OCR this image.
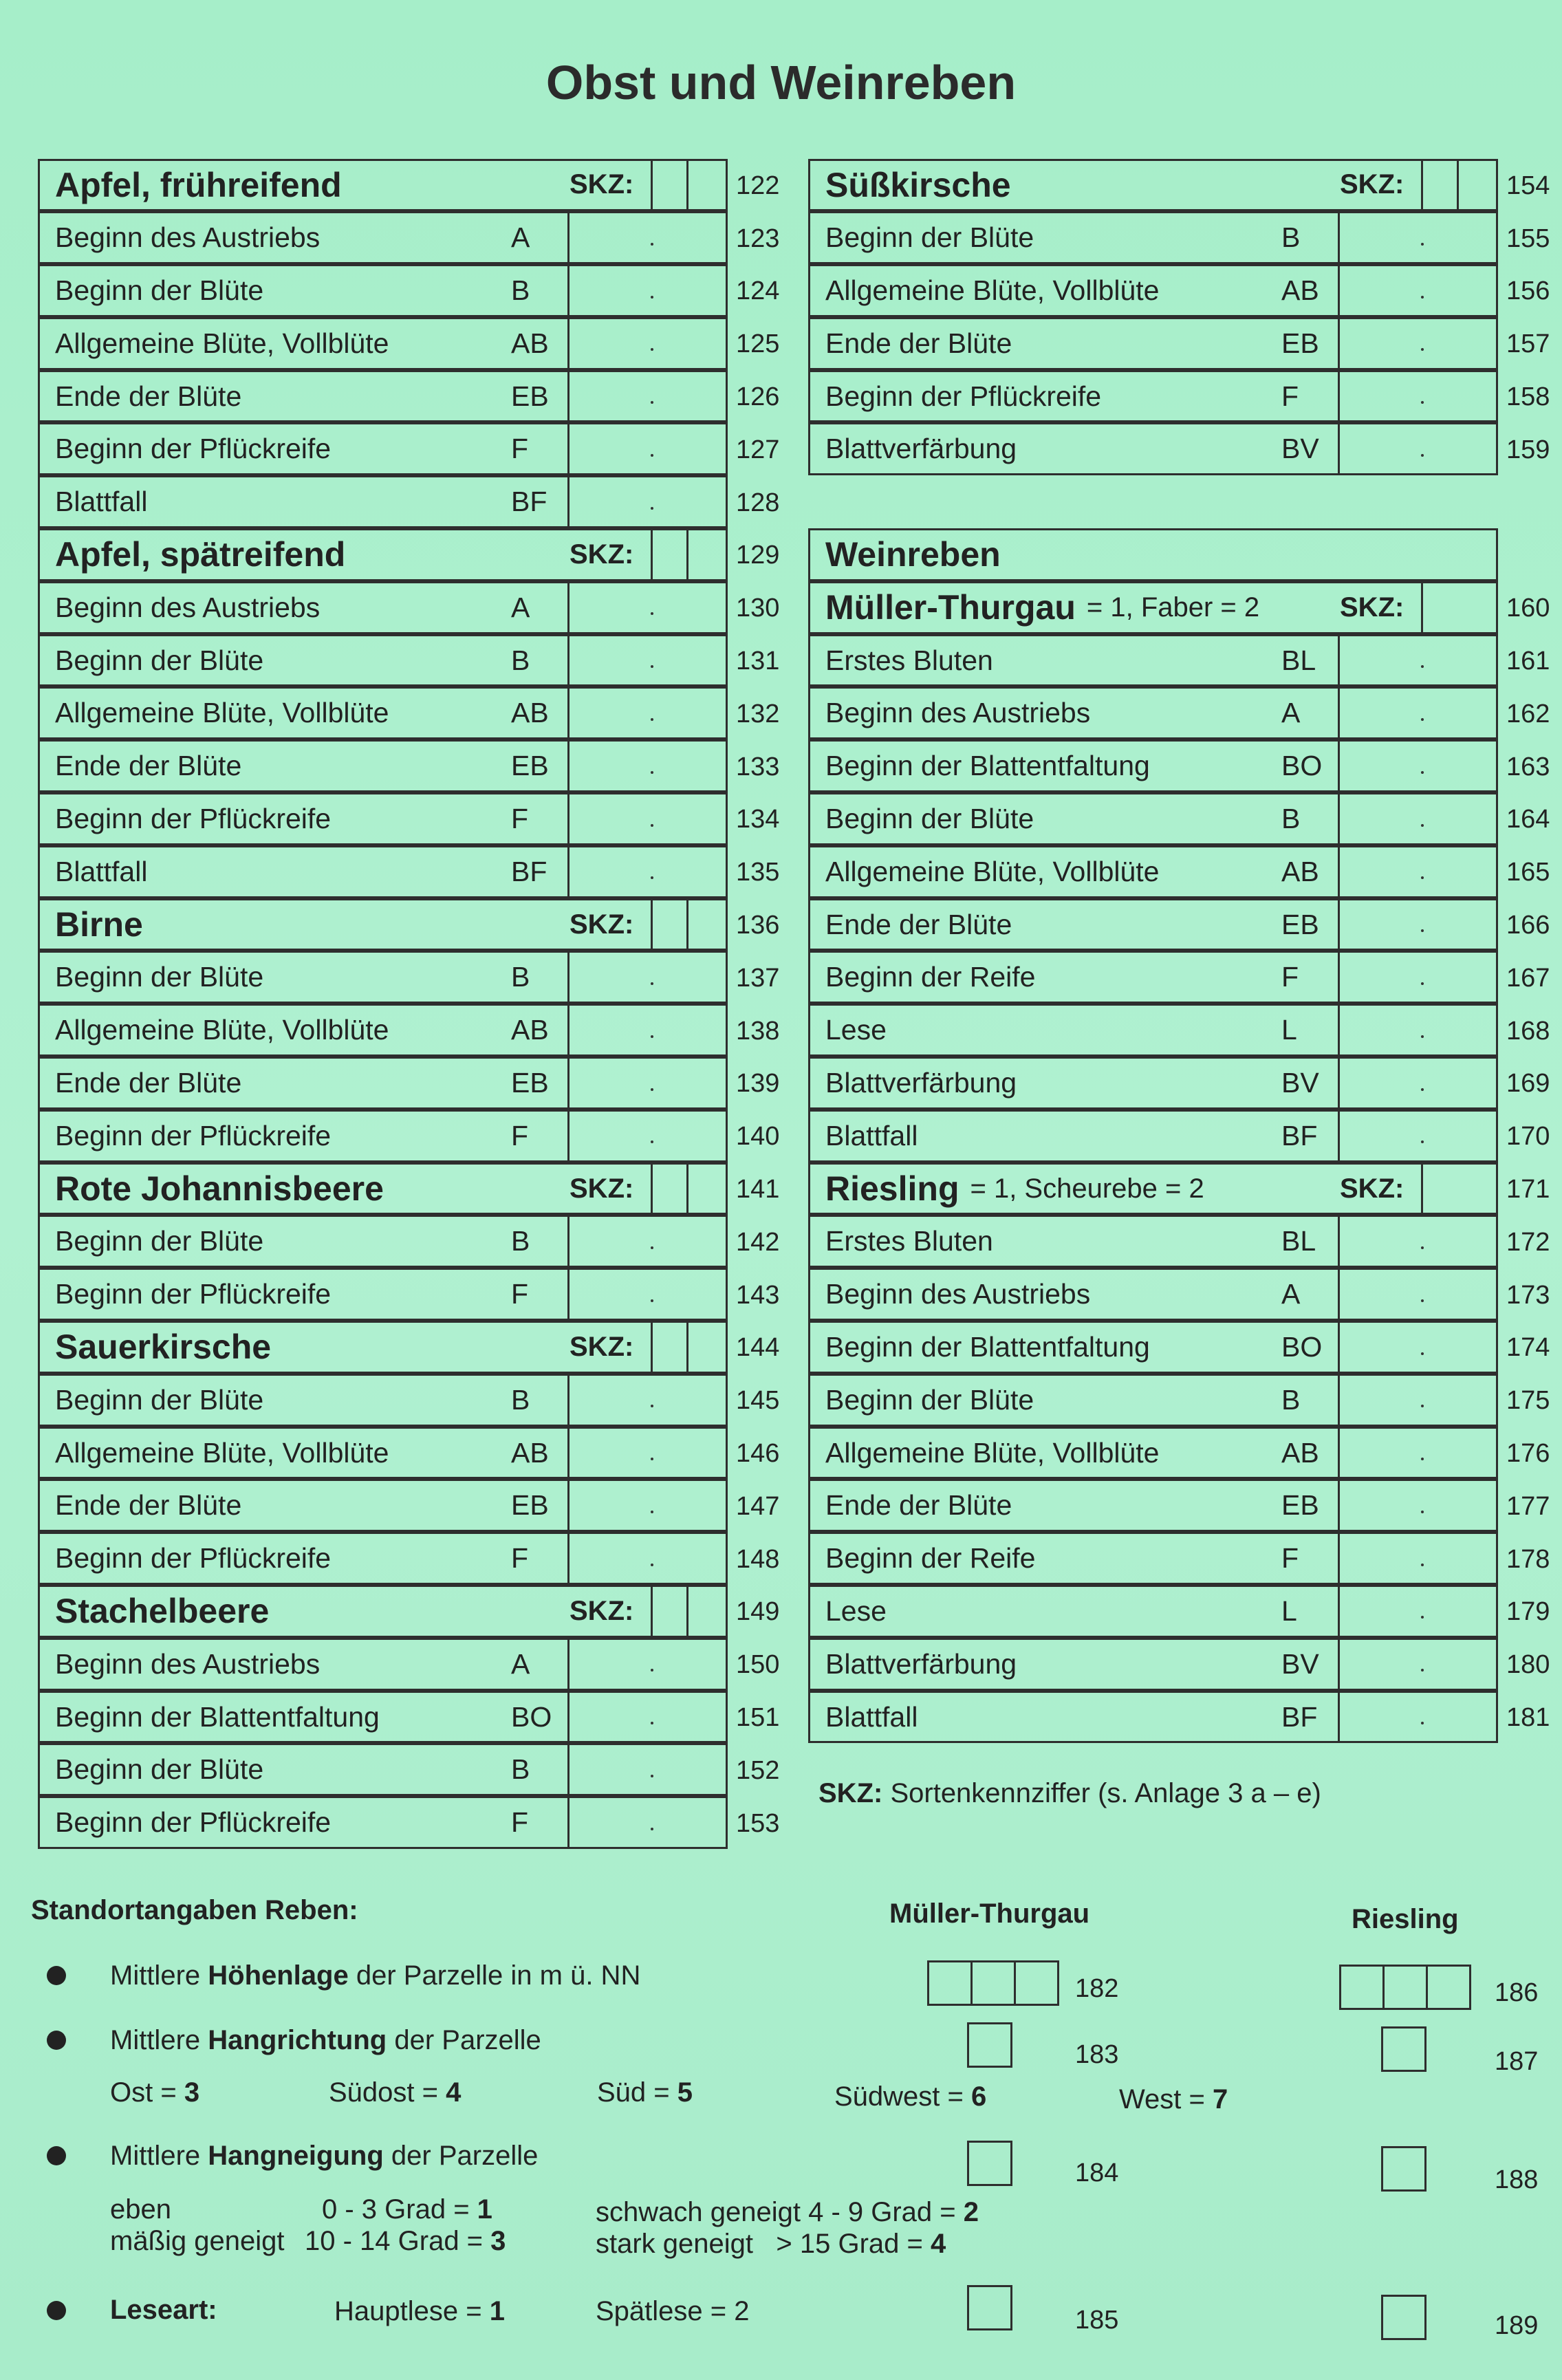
Obst und Weinreben
Apfel, frühreifend	SKZ:	122
Beginn des Austriebs	A	123
Beginn der Blüte	B	124
Allgemeine Blüte, Vollblüte	AB	125
Ende der Blüte	EB	126
Beginn der Pflückreife	F	127
Blattfall	BF	128
Apfel, spätreifend	SKZ:	129
Beginn des Austriebs	A	130
Beginn der Blüte	B	131
Allgemeine Blüte, Vollblüte	AB	132
Ende der Blüte	EB	133
Beginn der Pflückreife	F	134
Blattfall	BF	135
Birne	SKZ:	136
Beginn der Blüte	B	137
Allgemeine Blüte, Vollblüte	AB	138
Ende der Blüte	EB	139
Beginn der Pflückreife	F	140
Rote Johannisbeere	SKZ:	141
Beginn der Blüte	B	142
Beginn der Pflückreife	F	143
Sauerkirsche	SKZ:	144
Beginn der Blüte	B	145
Allgemeine Blüte, Vollblüte	AB	146
Ende der Blüte	EB	147
Beginn der Pflückreife	F	148
Stachelbeere	SKZ:	149
Beginn des Austriebs	A	150
Beginn der Blattentfaltung	BO	151
Beginn der Blüte	B	152
Beginn der Pflückreife	F	153
Süßkirsche	SKZ:	154
Beginn der Blüte	B	155
Allgemeine Blüte, Vollblüte	AB	156
Ende der Blüte	EB	157
Beginn der Pflückreife	F	158
Blattverfärbung	BV	159
Weinreben
Müller-Thurgau = 1, Faber = 2	SKZ:	160
Erstes Bluten	BL	161
Beginn des Austriebs	A	162
Beginn der Blattentfaltung	BO	163
Beginn der Blüte	B	164
Allgemeine Blüte, Vollblüte	AB	165
Ende der Blüte	EB	166
Beginn der Reife	F	167
Lese	L	168
Blattverfärbung	BV	169
Blattfall	BF	170
Riesling = 1, Scheurebe = 2	SKZ:	171
Erstes Bluten	BL	172
Beginn des Austriebs	A	173
Beginn der Blattentfaltung	BO	174
Beginn der Blüte	B	175
Allgemeine Blüte, Vollblüte	AB	176
Ende der Blüte	EB	177
Beginn der Reife	F	178
Lese	L	179
Blattverfärbung	BV	180
Blattfall	BF	181
SKZ: Sortenkennziffer (s. Anlage 3 a – e)
Standortangaben Reben:	Müller-Thurgau	Riesling
Mittlere Höhenlage der Parzelle in m ü. NN	182	186
Mittlere Hangrichtung der Parzelle	183	187
Ost = 3	Südost = 4	Süd = 5	Südwest = 6	West = 7
Mittlere Hangneigung der Parzelle
184	188
eben	0 - 3 Grad = 1
mäßig geneigt 10 - 14 Grad = 3
schwach geneigt 4 - 9 Grad = 2
stark geneigt > 15 Grad = 4
Leseart:	Hauptlese = 1	Spätlese = 2	185	189
